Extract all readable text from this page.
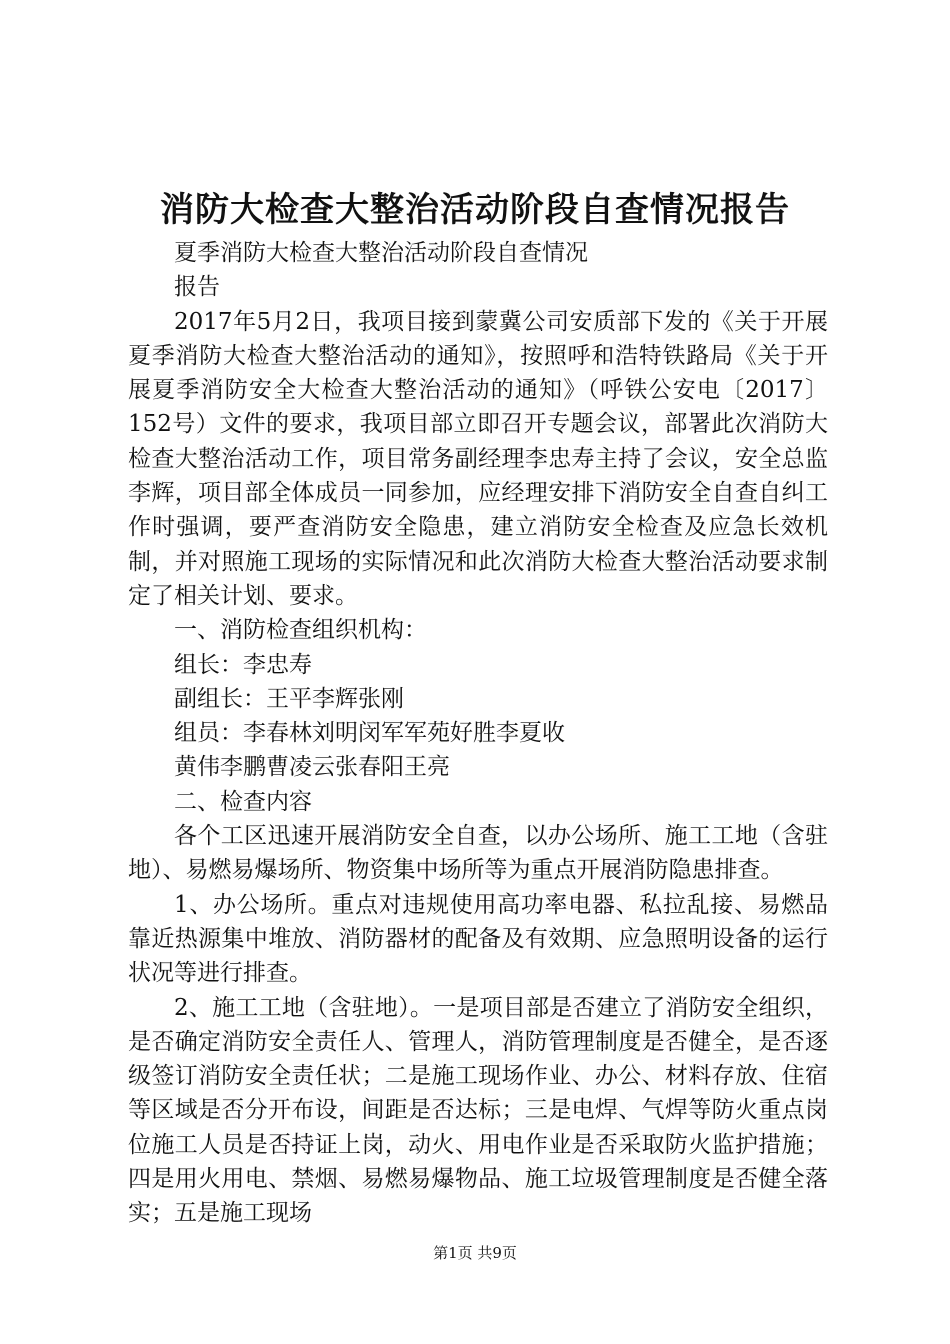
消防大检查大整治活动阶段自查情况报告

夏季消防大检查大整治活动阶段自查情况

报告

2017年5月2日，我项目接到蒙冀公司安质部下发的《关于开展夏季消防大检查大整治活动的通知》，按照呼和浩特铁路局《关于开展夏季消防安全大检查大整治活动的通知》（呼铁公安电〔2017〕152号）文件的要求，我项目部立即召开专题会议，部署此次消防大检查大整治活动工作，项目常务副经理李忠寿主持了会议，安全总监李辉，项目部全体成员一同参加，应经理安排下消防安全自查自纠工作时强调，要严查消防安全隐患，建立消防安全检查及应急长效机制，并对照施工现场的实际情况和此次消防大检查大整治活动要求制定了相关计划、要求。

一、消防检查组织机构：

组长：李忠寿

副组长：王平李辉张刚

组员：李春林刘明闵军军苑好胜李夏收

黄伟李鹏曹凌云张春阳王亮

二、检查内容

各个工区迅速开展消防安全自查，以办公场所、施工工地（含驻地）、易燃易爆场所、物资集中场所等为重点开展消防隐患排查。

1、办公场所。重点对违规使用高功率电器、私拉乱接、易燃品靠近热源集中堆放、消防器材的配备及有效期、应急照明设备的运行状况等进行排查。

2、施工工地（含驻地）。一是项目部是否建立了消防安全组织，是否确定消防安全责任人、管理人，消防管理制度是否健全，是否逐级签订消防安全责任状；二是施工现场作业、办公、材料存放、住宿等区域是否分开布设，间距是否达标；三是电焊、气焊等防火重点岗位施工人员是否持证上岗，动火、用电作业是否采取防火监护措施；四是用火用电、禁烟、易燃易爆物品、施工垃圾管理制度是否健全落实；五是施工现场

第1页 共9页
